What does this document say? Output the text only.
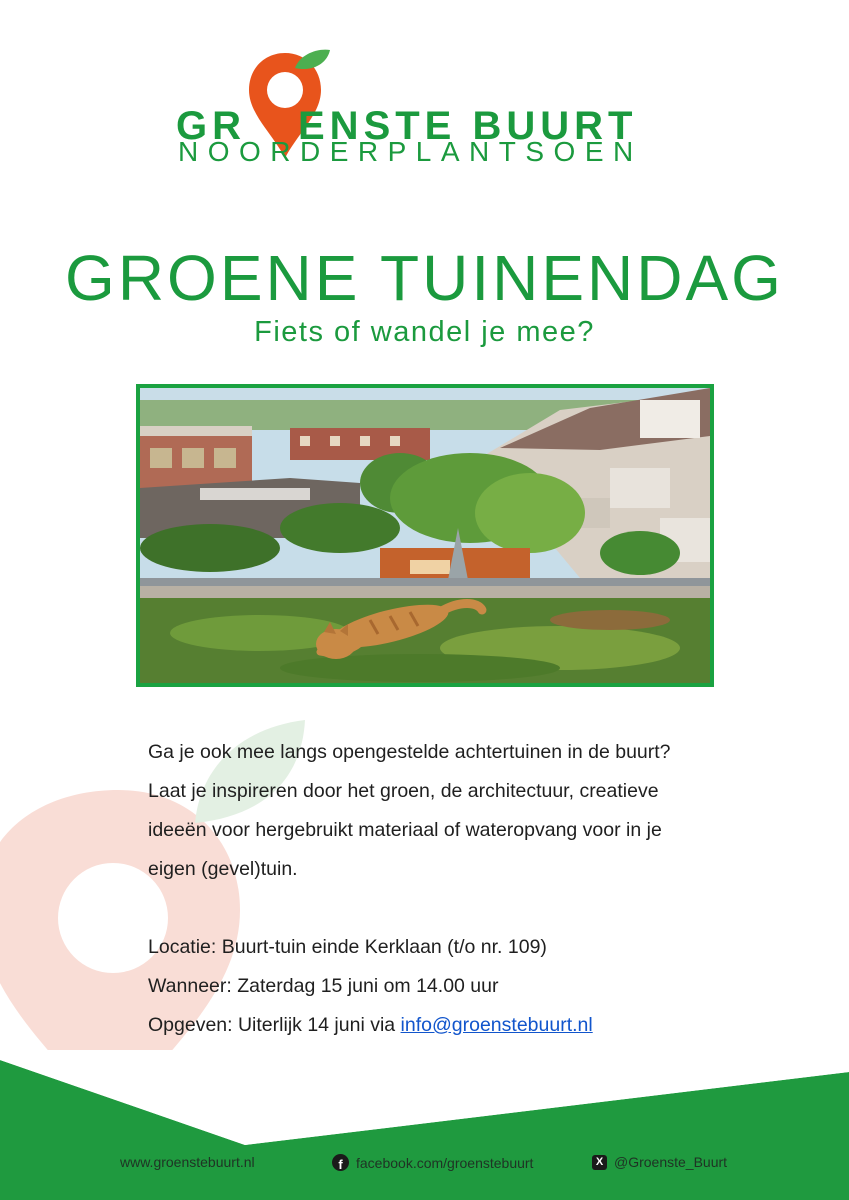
GR ENSTE BUURT
NOORDERPLANTSOEN
GROENE TUINENDAG
Fiets of wandel je mee?

Ga je ook mee langs opengestelde achtertuinen in de buurt?

Laat je inspireren door het groen, de architectuur, creatieve

ideeën voor hergebruikt materiaal of wateropvang voor in je

eigen (gevel)tuin.

Locatie: Buurt-tuin einde Kerklaan (t/o nr. 109)

Wanneer: Zaterdag 15 juni om 14.00 uur

Opgeven: Uiterlijk 14 juni via info@groenstebuurt.nl

www.groenstebuurt.nl	f facebook.com/groenstebuurt	X @Groenste_Buurt
